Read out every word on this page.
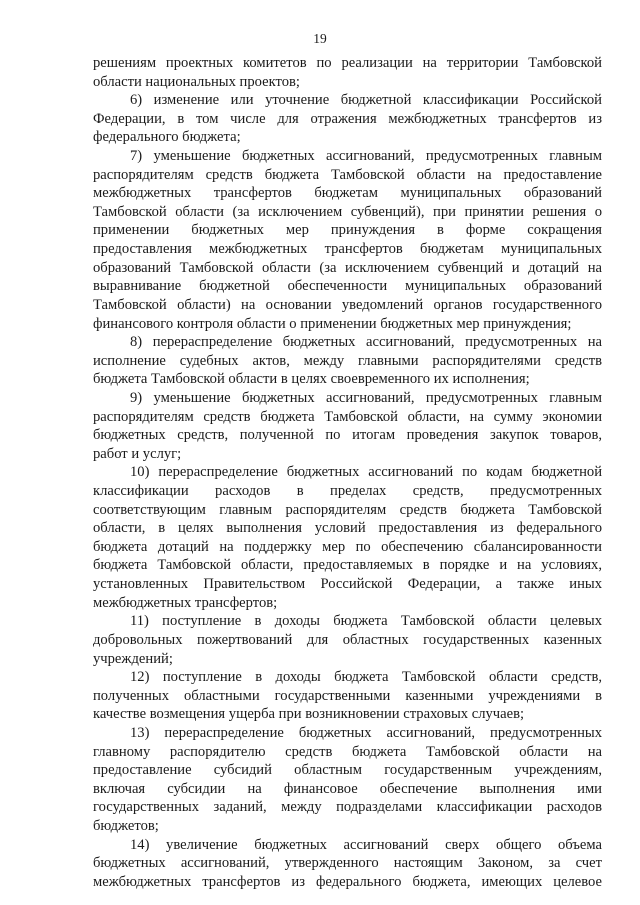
19
решениям проектных комитетов по реализации на территории Тамбовской
области национальных проектов;
6) изменение или уточнение бюджетной классификации Российской
Федерации, в том числе для отражения межбюджетных трансфертов из
федерального бюджета;
7) уменьшение бюджетных ассигнований, предусмотренных главным
распорядителям средств бюджета Тамбовской области на предоставление
межбюджетных трансфертов бюджетам муниципальных образований
Тамбовской области (за исключением субвенций), при принятии решения о
применении бюджетных мер принуждения в форме сокращения
предоставления межбюджетных трансфертов бюджетам муниципальных
образований Тамбовской области (за исключением субвенций и дотаций на
выравнивание бюджетной обеспеченности муниципальных образований
Тамбовской области) на основании уведомлений органов государственного
финансового контроля области о применении бюджетных мер принуждения;
8) перераспределение бюджетных ассигнований, предусмотренных на
исполнение судебных актов, между главными распорядителями средств
бюджета Тамбовской области в целях своевременного их исполнения;
9) уменьшение бюджетных ассигнований, предусмотренных главным
распорядителям средств бюджета Тамбовской области, на сумму экономии
бюджетных средств, полученной по итогам проведения закупок товаров,
работ и услуг;
10) перераспределение бюджетных ассигнований по кодам бюджетной
классификации расходов в пределах средств, предусмотренных
соответствующим главным распорядителям средств бюджета Тамбовской
области, в целях выполнения условий предоставления из федерального
бюджета дотаций на поддержку мер по обеспечению сбалансированности
бюджета Тамбовской области, предоставляемых в порядке и на условиях,
установленных Правительством Российской Федерации, а также иных
межбюджетных трансфертов;
11) поступление в доходы бюджета Тамбовской области целевых
добровольных пожертвований для областных государственных казенных
учреждений;
12) поступление в доходы бюджета Тамбовской области средств,
полученных областными государственными казенными учреждениями в
качестве возмещения ущерба при возникновении страховых случаев;
13) перераспределение бюджетных ассигнований, предусмотренных
главному распорядителю средств бюджета Тамбовской области на
предоставление субсидий областным государственным учреждениям,
включая субсидии на финансовое обеспечение выполнения ими
государственных заданий, между подразделами классификации расходов
бюджетов;
14) увеличение бюджетных ассигнований сверх общего объема
бюджетных ассигнований, утвержденного настоящим Законом, за счет
межбюджетных трансфертов из федерального бюджета, имеющих целевое
